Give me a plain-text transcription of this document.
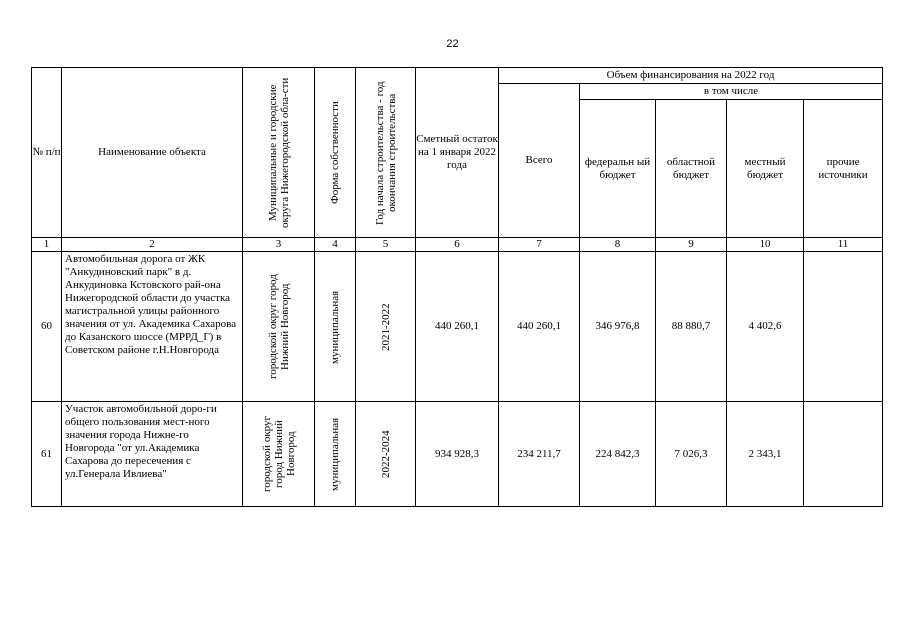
22
№ п/п	Наименование объекта	Муниципальные и городские округа Нижегородской обла-сти	Форма собственности	Год начала строительства - год окончания строительства	Сметный остаток на 1 января 2022 года	Объем финансирования на 2022 год				
						Всего	в том числе			
							федеральн ый бюджет	областной бюджет	местный бюджет	прочие источники
1	2	3	4	5	6	7	8	9	10	11
60	Автомобильная дорога от ЖК "Анкудиновский парк" в д. Анкудиновка Кстовского рай-она Нижегородской области до участка магистральной улицы районного значения от ул. Академика Сахарова до Казанского шоссе (МРРД_Г) в Советском районе г.Н.Новгорода	городской округ город Нижний Новгород	муниципальная	2021-2022	440 260,1	440 260,1	346 976,8	88 880,7	4 402,6	
61	Участок автомобильной доро-ги общего пользования мест-ного значения города Нижне-го Новгорода "от ул.Академика Сахарова до пересечения с ул.Генерала Ивлиева"	городской округ город Нижний Новгород	муниципальная	2022-2024	934 928,3	234 211,7	224 842,3	7 026,3	2 343,1	
